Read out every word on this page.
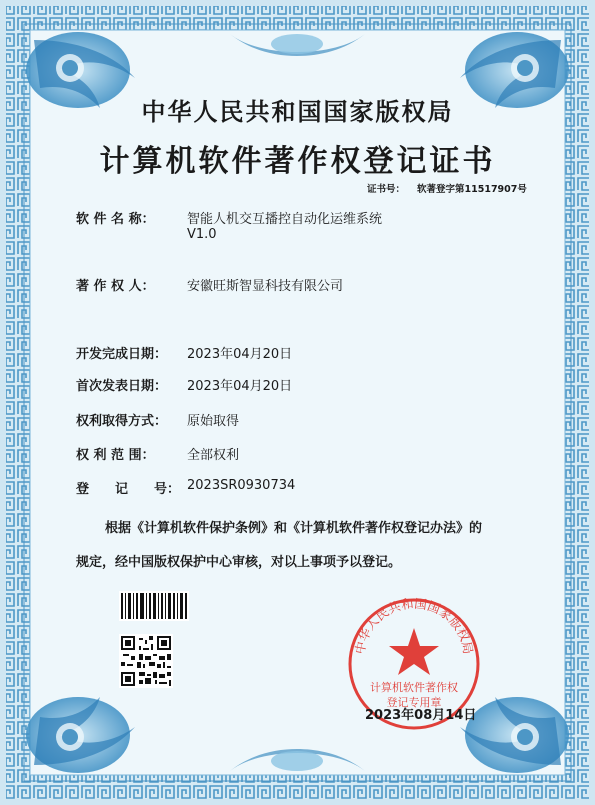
中华人民共和国国家版权局
计算机软件著作权登记证书
证书号： 软著登字第11517907号
软 件 名 称： 智能人机交互播控自动化运维系统
V1.0
著 作 权 人： 安徽旺斯智显科技有限公司
开发完成日期： 2023年04月20日
首次发表日期： 2023年04月20日
权利取得方式： 原始取得
权 利 范 围： 全部权利
登　　记　　号： 2023SR0930734
根据《计算机软件保护条例》和《计算机软件著作权登记办法》的
规定，经中国版权保护中心审核，对以上事项予以登记。
中华人民共和国国家版权局
计算机软件著作权
登记专用章
2023年08月14日
